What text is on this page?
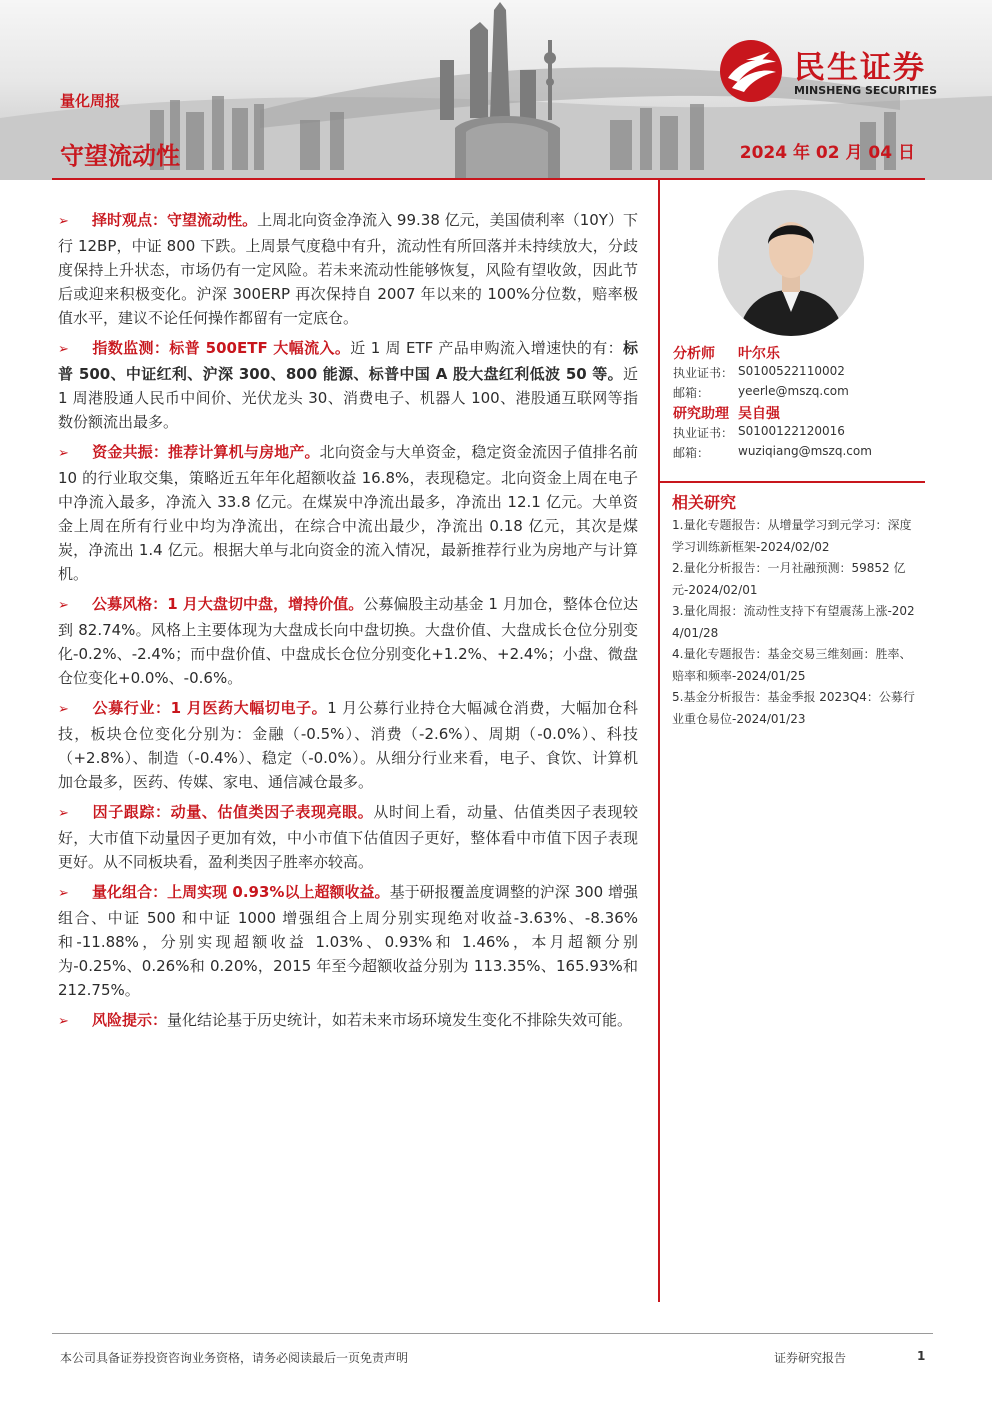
量化周报
守望流动性	2024 年 02 月 04 日
民生证券
MINSHENG SECURITIES

➢ 择时观点：守望流动性。上周北向资金净流入 99.38 亿元，美国债利率（10Y）下行 12BP，中证 800 下跌。上周景气度稳中有升，流动性有所回落并未持续放大，分歧度保持上升状态，市场仍有一定风险。若未来流动性能够恢复，风险有望收敛，因此节后或迎来积极变化。沪深 300ERP 再次保持自 2007 年以来的 100%分位数，赔率极值水平，建议不论任何操作都留有一定底仓。

➢ 指数监测：标普 500ETF 大幅流入。近 1 周 ETF 产品申购流入增速快的有：标普 500、中证红利、沪深 300、800 能源、标普中国 A 股大盘红利低波 50 等。近 1 周港股通人民币中间价、光伏龙头 30、消费电子、机器人 100、港股通互联网等指数份额流出最多。

➢ 资金共振：推荐计算机与房地产。北向资金与大单资金，稳定资金流因子值排名前 10 的行业取交集，策略近五年年化超额收益 16.8%，表现稳定。北向资金上周在电子中净流入最多，净流入 33.8 亿元。在煤炭中净流出最多，净流出 12.1 亿元。大单资金上周在所有行业中均为净流出，在综合中流出最少，净流出 0.18 亿元，其次是煤炭，净流出 1.4 亿元。根据大单与北向资金的流入情况，最新推荐行业为房地产与计算机。

➢ 公募风格：1 月大盘切中盘，增持价值。公募偏股主动基金 1 月加仓，整体仓位达到 82.74%。风格上主要体现为大盘成长向中盘切换。大盘价值、大盘成长仓位分别变化-0.2%、-2.4%；而中盘价值、中盘成长仓位分别变化+1.2%、+2.4%；小盘、微盘仓位变化+0.0%、-0.6%。

➢ 公募行业：1 月医药大幅切电子。1 月公募行业持仓大幅减仓消费，大幅加仓科技，板块仓位变化分别为：金融（-0.5%）、消费（-2.6%）、周期（-0.0%）、科技（+2.8%）、制造（-0.4%）、稳定（-0.0%）。从细分行业来看，电子、食饮、计算机加仓最多，医药、传媒、家电、通信减仓最多。

➢ 因子跟踪：动量、估值类因子表现亮眼。从时间上看，动量、估值类因子表现较好，大市值下动量因子更加有效，中小市值下估值因子更好，整体看中市值下因子表现更好。从不同板块看，盈利类因子胜率亦较高。

➢ 量化组合：上周实现 0.93%以上超额收益。基于研报覆盖度调整的沪深 300 增强组合、中证 500 和中证 1000 增强组合上周分别实现绝对收益-3.63%、-8.36%和-11.88%，分别实现超额收益 1.03%、0.93%和 1.46%，本月超额分别为-0.25%、0.26%和 0.20%，2015 年至今超额收益分别为 113.35%、165.93%和 212.75%。

➢ 风险提示：量化结论基于历史统计，如若未来市场环境发生变化不排除失效可能。

分析师 叶尔乐
执业证书： S0100522110002
邮箱： yeerle@mszq.com
研究助理 吴自强
执业证书： S0100122120016
邮箱： wuziqiang@mszq.com
相关研究
1.量化专题报告：从增量学习到元学习：深度学习训练新框架-2024/02/02
2.量化分析报告：一月社融预测：59852 亿元-2024/02/01
3.量化周报：流动性支持下有望震荡上涨-2024/01/28
4.量化专题报告：基金交易三维刻画：胜率、赔率和频率-2024/01/25
5.基金分析报告：基金季报 2023Q4：公募行业重仓易位-2024/01/23
本公司具备证券投资咨询业务资格，请务必阅读最后一页免责声明	证券研究报告	1
